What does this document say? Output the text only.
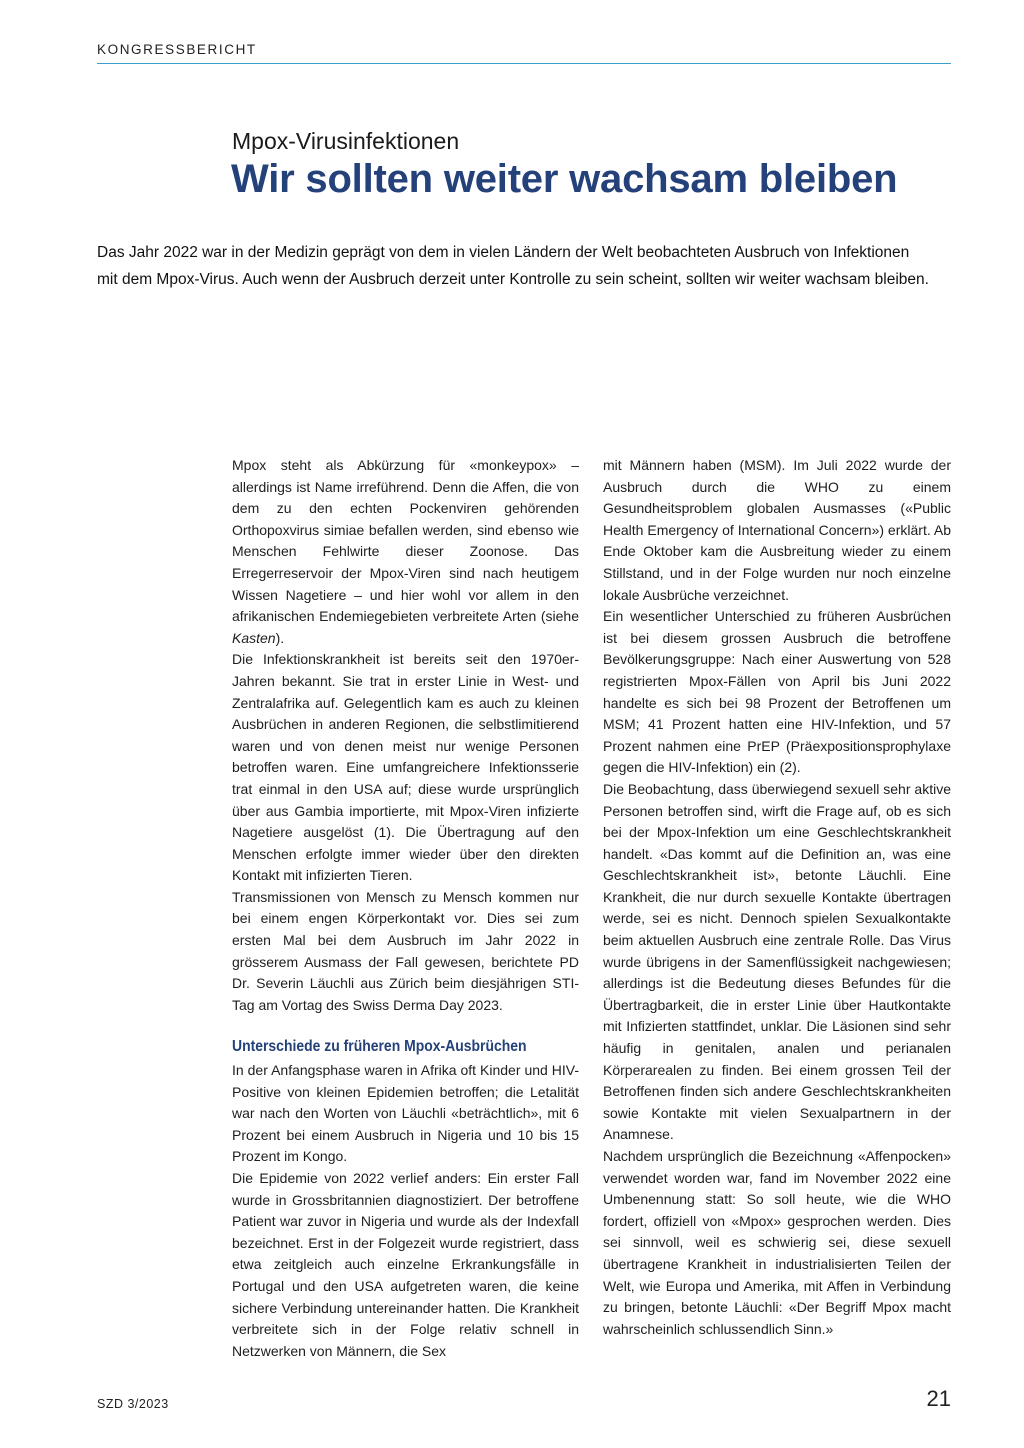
KONGRESSBERICHT
Mpox-Virusinfektionen
Wir sollten weiter wachsam bleiben

Das Jahr 2022 war in der Medizin geprägt von dem in vielen Ländern der Welt beobachteten Ausbruch von Infektionen

mit dem Mpox-Virus. Auch wenn der Ausbruch derzeit unter Kontrolle zu sein scheint, sollten wir weiter wachsam bleiben.

Mpox steht als Abkürzung für «monkeypox» – allerdings ist Name irreführend. Denn die Affen, die von dem zu den echten Pockenviren gehörenden Orthopoxvirus simiae befallen werden, sind ebenso wie Menschen Fehlwirte dieser Zoonose. Das Erregerreservoir der Mpox-Viren sind nach heutigem Wissen Nagetiere – und hier wohl vor allem in den afrikanischen Endemiegebieten verbreitete Arten (siehe Kasten).

Die Infektionskrankheit ist bereits seit den 1970er-Jahren bekannt. Sie trat in erster Linie in West- und Zentralafrika auf. Gelegentlich kam es auch zu kleinen Ausbrüchen in anderen Regionen, die selbstlimitierend waren und von denen meist nur wenige Personen betroffen waren. Eine umfangreichere Infektionsserie trat einmal in den USA auf; diese wurde ursprünglich über aus Gambia importierte, mit Mpox-Viren infizierte Nagetiere ausgelöst (1). Die Übertragung auf den Menschen erfolgte immer wieder über den direkten Kontakt mit infizierten Tieren.

Transmissionen von Mensch zu Mensch kommen nur bei einem engen Körperkontakt vor. Dies sei zum ersten Mal bei dem Ausbruch im Jahr 2022 in grösserem Ausmass der Fall gewesen, berichtete PD Dr. Severin Läuchli aus Zürich beim diesjährigen STI-Tag am Vortag des Swiss Derma Day 2023.

Unterschiede zu früheren Mpox-Ausbrüchen

In der Anfangsphase waren in Afrika oft Kinder und HIV-Positive von kleinen Epidemien betroffen; die Letalität war nach den Worten von Läuchli «beträchtlich», mit 6 Prozent bei einem Ausbruch in Nigeria und 10 bis 15 Prozent im Kongo.

Die Epidemie von 2022 verlief anders: Ein erster Fall wurde in Grossbritannien diagnostiziert. Der betroffene Patient war zuvor in Nigeria und wurde als der Indexfall bezeichnet. Erst in der Folgezeit wurde registriert, dass etwa zeitgleich auch einzelne Erkrankungsfälle in Portugal und den USA aufgetreten waren, die keine sichere Verbindung untereinander hatten. Die Krankheit verbreitete sich in der Folge relativ schnell in Netzwerken von Männern, die Sex

mit Männern haben (MSM). Im Juli 2022 wurde der Ausbruch durch die WHO zu einem Gesundheitsproblem globalen Ausmasses («Public Health Emergency of International Concern») erklärt. Ab Ende Oktober kam die Ausbreitung wieder zu einem Stillstand, und in der Folge wurden nur noch einzelne lokale Ausbrüche verzeichnet.

Ein wesentlicher Unterschied zu früheren Ausbrüchen ist bei diesem grossen Ausbruch die betroffene Bevölkerungsgruppe: Nach einer Auswertung von 528 registrierten Mpox-Fällen von April bis Juni 2022 handelte es sich bei 98 Prozent der Betroffenen um MSM; 41 Prozent hatten eine HIV-Infektion, und 57 Prozent nahmen eine PrEP (Präexpositionsprophylaxe gegen die HIV-Infektion) ein (2).

Die Beobachtung, dass überwiegend sexuell sehr aktive Personen betroffen sind, wirft die Frage auf, ob es sich bei der Mpox-Infektion um eine Geschlechtskrankheit handelt. «Das kommt auf die Definition an, was eine Geschlechtskrankheit ist», betonte Läuchli. Eine Krankheit, die nur durch sexuelle Kontakte übertragen werde, sei es nicht. Dennoch spielen Sexualkontakte beim aktuellen Ausbruch eine zentrale Rolle. Das Virus wurde übrigens in der Samenflüssigkeit nachgewiesen; allerdings ist die Bedeutung dieses Befundes für die Übertragbarkeit, die in erster Linie über Hautkontakte mit Infizierten stattfindet, unklar. Die Läsionen sind sehr häufig in genitalen, analen und perianalen Körperarealen zu finden. Bei einem grossen Teil der Betroffenen finden sich andere Geschlechtskrankheiten sowie Kontakte mit vielen Sexualpartnern in der Anamnese.

Nachdem ursprünglich die Bezeichnung «Affenpocken» verwendet worden war, fand im November 2022 eine Umbenennung statt: So soll heute, wie die WHO fordert, offiziell von «Mpox» gesprochen werden. Dies sei sinnvoll, weil es schwierig sei, diese sexuell übertragene Krankheit in industrialisierten Teilen der Welt, wie Europa und Amerika, mit Affen in Verbindung zu bringen, betonte Läuchli: «Der Begriff Mpox macht wahrscheinlich schlussendlich Sinn.»

SZD 3/2023	21
